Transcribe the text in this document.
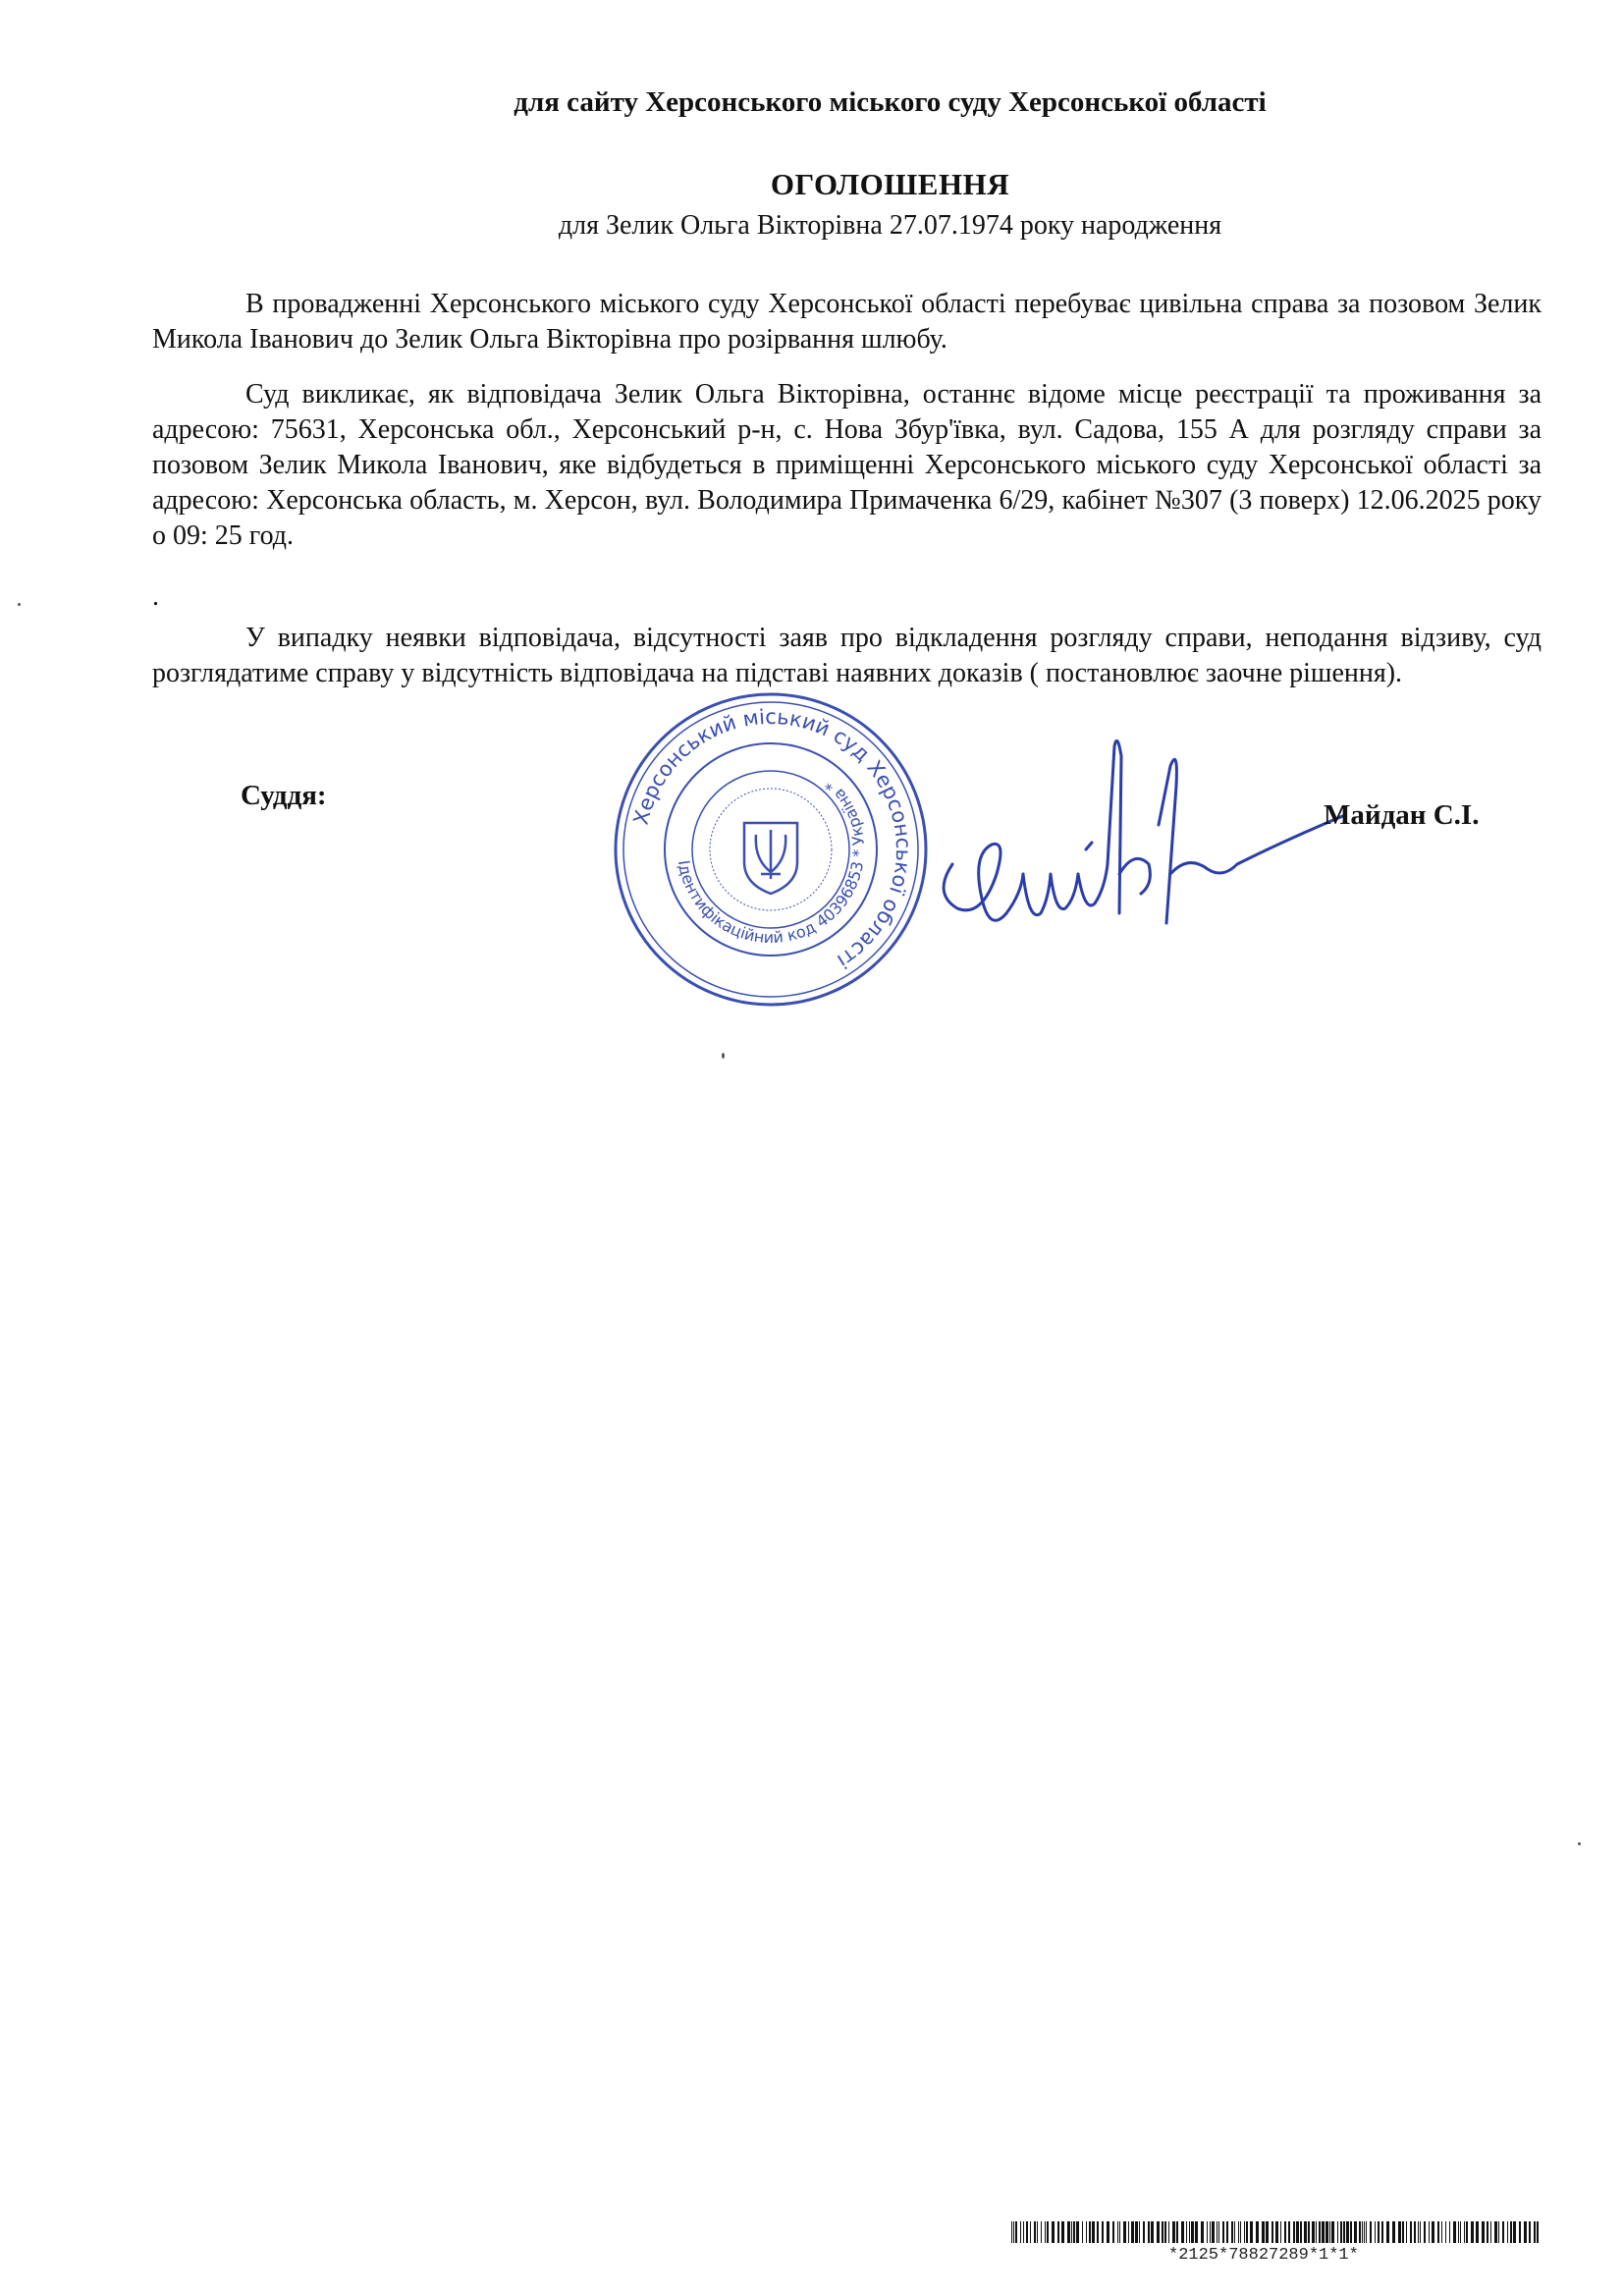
для сайту Херсонського міського суду Херсонської області
ОГОЛОШЕННЯ
для Зелик Ольга Вікторівна 27.07.1974 року народження

В провадженні Херсонського міського суду Херсонської області перебуває цивільна справа за позовом Зелик Микола Іванович до Зелик Ольга Вікторівна про розірвання шлюбу.

Суд викликає, як відповідача Зелик Ольга Вікторівна, останнє відоме місце реєстрації та проживання за адресою: 75631, Херсонська обл., Херсонський р-н, с. Нова Збур'ївка, вул. Садова, 155 А для розгляду справи за позовом Зелик Микола Іванович, яке відбудеться в приміщенні Херсонського міського суду Херсонської області за адресою: Херсонська область, м. Херсон, вул. Володимира Примаченка 6/29, кабінет №307 (3 поверх) 12.06.2025 року о 09: 25 год.

.

У випадку неявки відповідача, відсутності заяв про відкладення розгляду справи, неподання відзиву, суд розглядатиме справу у відсутність відповідача на підставі наявних доказів ( постановлює заочне рішення).

Суддя:
Херсонський міський суд Херсонської області
Ідентифікаційний код 40396853 * Україна *
Майдан С.І.
*2125*78827289*1*1*
